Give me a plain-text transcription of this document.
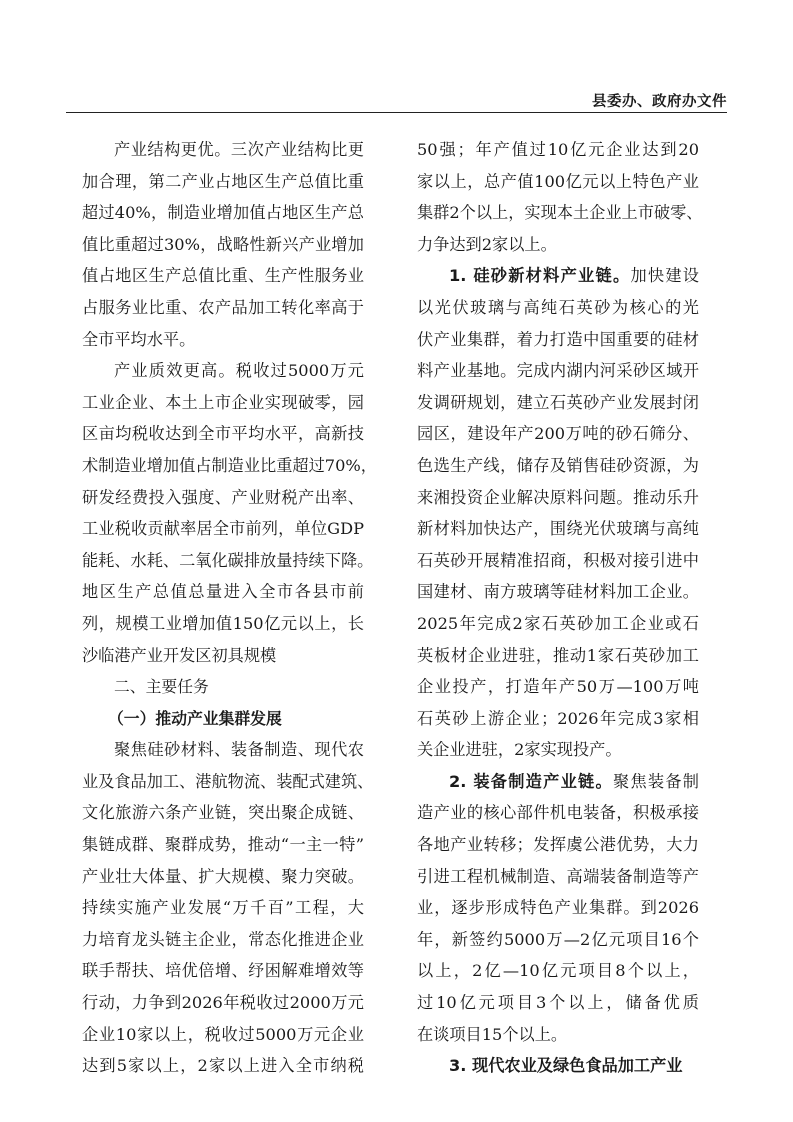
县委办、政府办文件
产业结构更优。三次产业结构比更
加合理，第二产业占地区生产总值比重
超过40%，制造业增加值占地区生产总
值比重超过30%，战略性新兴产业增加
值占地区生产总值比重、生产性服务业
占服务业比重、农产品加工转化率高于
全市平均水平。
产业质效更高。税收过5000万元
工业企业、本土上市企业实现破零，园
区亩均税收达到全市平均水平，高新技
术制造业增加值占制造业比重超过70%，
研发经费投入强度、产业财税产出率、
工业税收贡献率居全市前列，单位GDP
能耗、水耗、二氧化碳排放量持续下降。
地区生产总值总量进入全市各县市前
列，规模工业增加值150亿元以上，长
沙临港产业开发区初具规模
二、主要任务
（一）推动产业集群发展
聚焦硅砂材料、装备制造、现代农
业及食品加工、港航物流、装配式建筑、
文化旅游六条产业链，突出聚企成链、
集链成群、聚群成势，推动“一主一特”
产业壮大体量、扩大规模、聚力突破。
持续实施产业发展“万千百”工程，大
力培育龙头链主企业，常态化推进企业
联手帮扶、培优倍增、纾困解难增效等
行动，力争到2026年税收过2000万元
企业10家以上，税收过5000万元企业
达到5家以上，2家以上进入全市纳税
50强；年产值过10亿元企业达到20
家以上，总产值100亿元以上特色产业
集群2个以上，实现本土企业上市破零、
力争达到2家以上。
1. 硅砂新材料产业链。加快建设
以光伏玻璃与高纯石英砂为核心的光
伏产业集群，着力打造中国重要的硅材
料产业基地。完成内湖内河采砂区域开
发调研规划，建立石英砂产业发展封闭
园区，建设年产200万吨的砂石筛分、
色选生产线，储存及销售硅砂资源，为
来湘投资企业解决原料问题。推动乐升
新材料加快达产，围绕光伏玻璃与高纯
石英砂开展精准招商，积极对接引进中
国建材、南方玻璃等硅材料加工企业。
2025年完成2家石英砂加工企业或石
英板材企业进驻，推动1家石英砂加工
企业投产，打造年产50万—100万吨
石英砂上游企业；2026年完成3家相
关企业进驻，2家实现投产。
2. 装备制造产业链。聚焦装备制
造产业的核心部件机电装备，积极承接
各地产业转移；发挥虞公港优势，大力
引进工程机械制造、高端装备制造等产
业，逐步形成特色产业集群。到2026
年，新签约5000万—2亿元项目16个
以上，2亿—10亿元项目8个以上，
过10亿元项目3个以上，储备优质
在谈项目15个以上。
3. 现代农业及绿色食品加工产业
